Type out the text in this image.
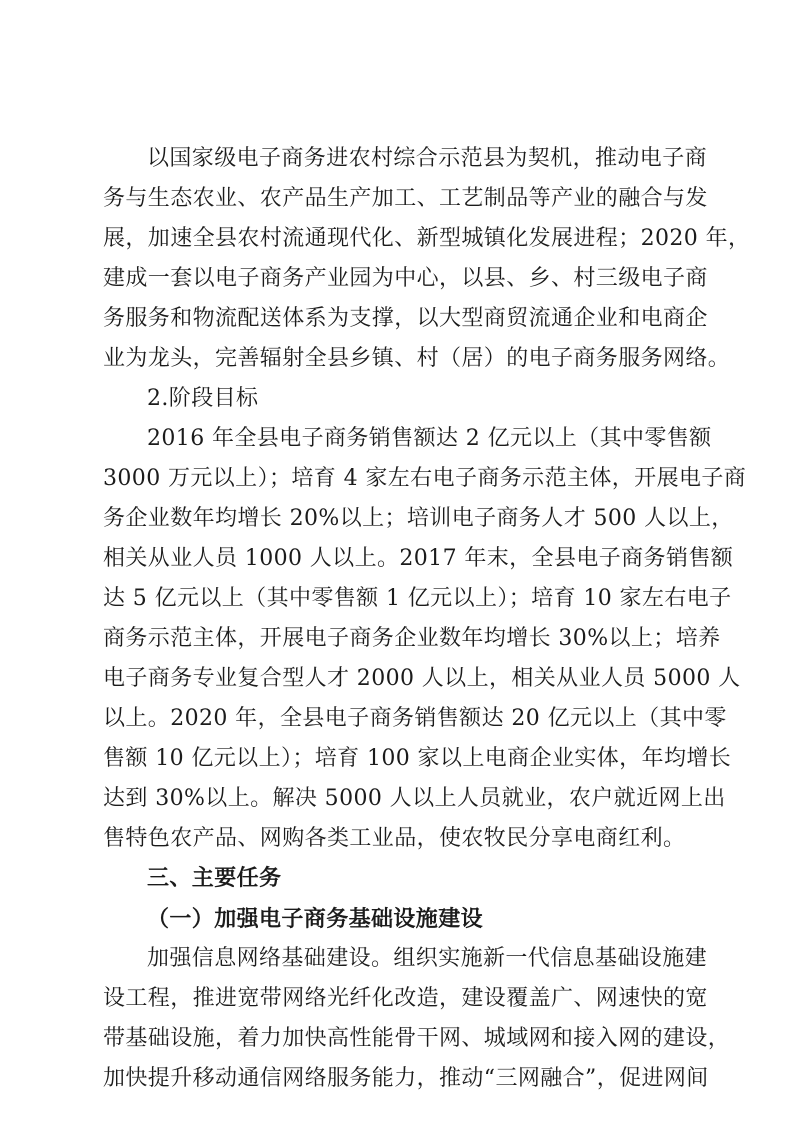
以国家级电子商务进农村综合示范县为契机，推动电子商
务与生态农业、农产品生产加工、工艺制品等产业的融合与发
展，加速全县农村流通现代化、新型城镇化发展进程；2020 年，
建成一套以电子商务产业园为中心，以县、乡、村三级电子商
务服务和物流配送体系为支撑，以大型商贸流通企业和电商企
业为龙头，完善辐射全县乡镇、村（居）的电子商务服务网络。
2.阶段目标
2016 年全县电子商务销售额达 2 亿元以上（其中零售额
3000 万元以上）；培育 4 家左右电子商务示范主体，开展电子商
务企业数年均增长 20%以上；培训电子商务人才 500 人以上，
相关从业人员 1000 人以上。2017 年末，全县电子商务销售额
达 5 亿元以上（其中零售额 1 亿元以上）；培育 10 家左右电子
商务示范主体，开展电子商务企业数年均增长 30%以上；培养
电子商务专业复合型人才 2000 人以上，相关从业人员 5000 人
以上。2020 年，全县电子商务销售额达 20 亿元以上（其中零
售额 10 亿元以上）；培育 100 家以上电商企业实体，年均增长
达到 30%以上。解决 5000 人以上人员就业，农户就近网上出
售特色农产品、网购各类工业品，使农牧民分享电商红利。
三、主要任务
（一）加强电子商务基础设施建设
加强信息网络基础建设。组织实施新一代信息基础设施建
设工程，推进宽带网络光纤化改造，建设覆盖广、网速快的宽
带基础设施，着力加快高性能骨干网、城域网和接入网的建设，
加快提升移动通信网络服务能力，推动“三网融合”，促进网间
